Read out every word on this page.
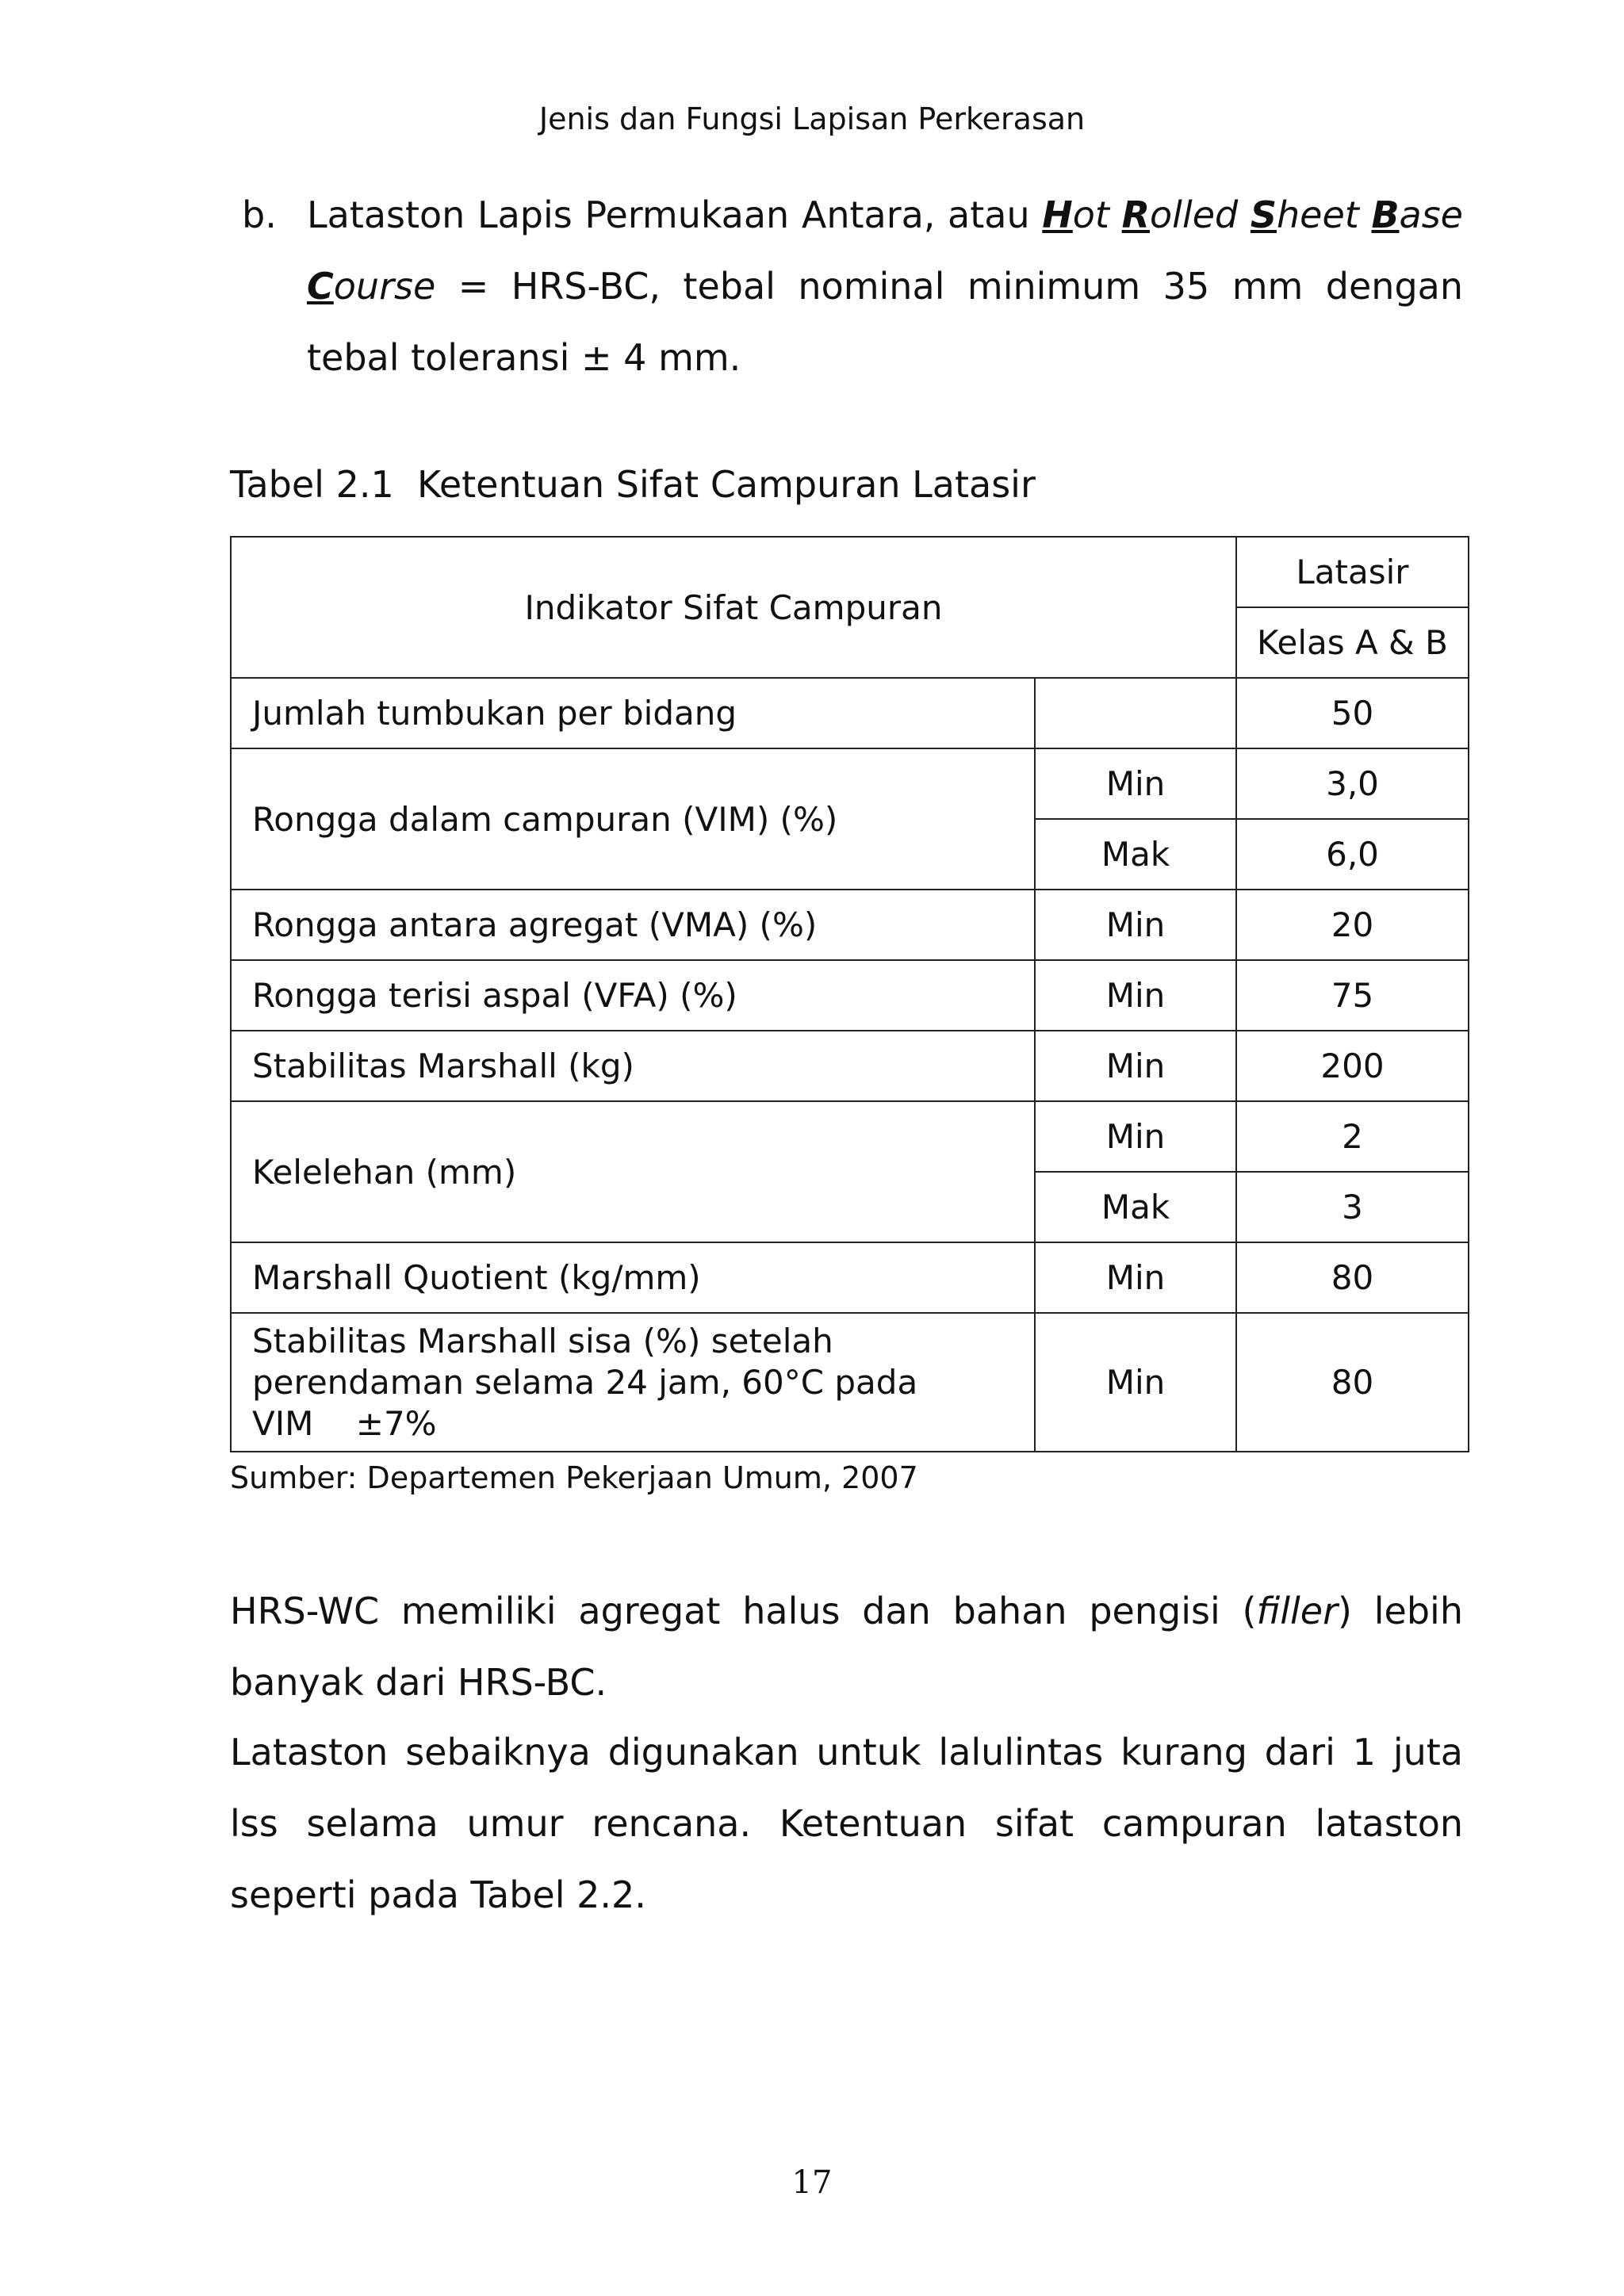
Jenis dan Fungsi Lapisan Perkerasan
b. Lataston Lapis Permukaan Antara, atau Hot Rolled Sheet Base Course = HRS-BC, tebal nominal minimum 35 mm dengan tebal toleransi ± 4 mm.
Tabel 2.1  Ketentuan Sifat Campuran Latasir
Indikator Sifat Campuran		Latasir
		Kelas A & B
Jumlah tumbukan per bidang		50
Rongga dalam campuran (VIM) (%)	Min	3,0
	Mak	6,0
Rongga antara agregat (VMA) (%)	Min	20
Rongga terisi aspal (VFA) (%)	Min	75
Stabilitas Marshall (kg)	Min	200
Kelelehan (mm)	Min	2
	Mak	3
Marshall Quotient (kg/mm)	Min	80

Stabilitas Marshall sisa (%) setelah
perendaman selama 24 jam, 60°C pada
VIM    ±7%	Min	80
Sumber: Departemen Pekerjaan Umum, 2007
HRS-WC memiliki agregat halus dan bahan pengisi (filler) lebih banyak dari HRS-BC.
Lataston sebaiknya digunakan untuk lalulintas kurang dari 1 juta lss selama umur rencana. Ketentuan sifat campuran lataston seperti pada Tabel 2.2.
17
